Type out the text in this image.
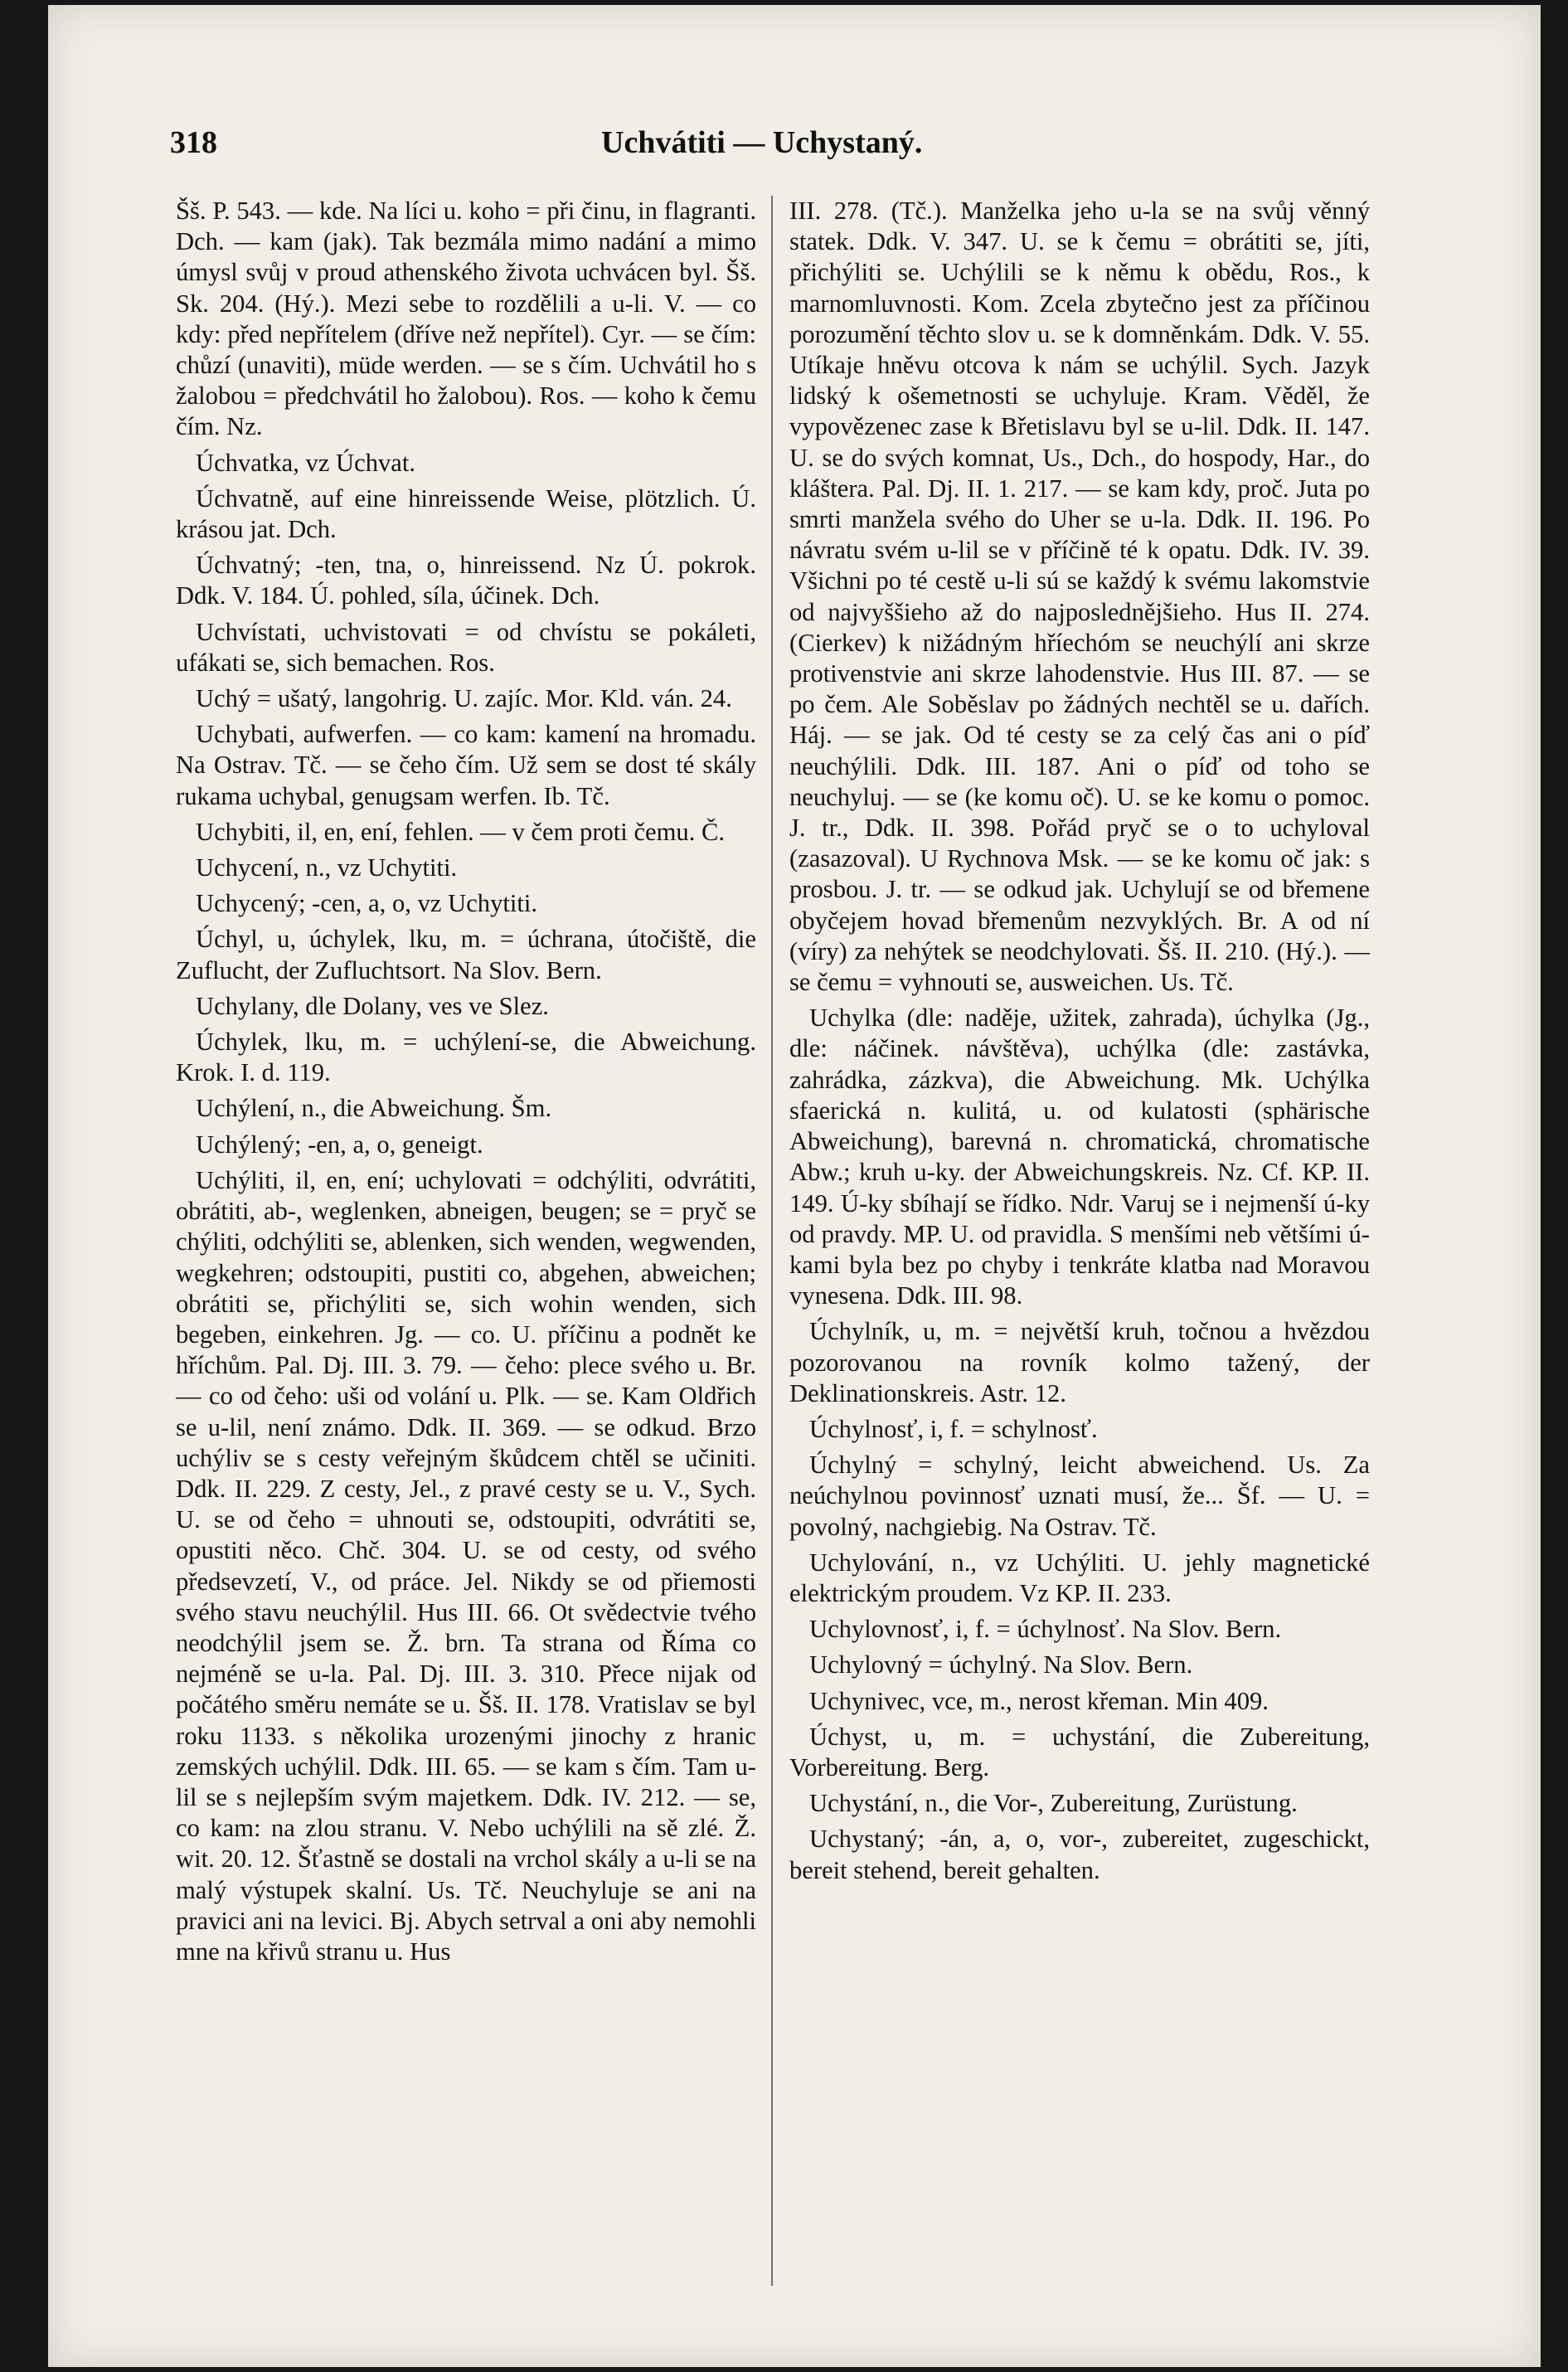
318	Uchvátiti — Uchystaný.

Šš. P. 543. — kde. Na líci u. koho = při činu, in flagranti. Dch. — kam (jak). Tak bezmála mimo nadání a mimo úmysl svůj v proud athenského života uchvácen byl. Šš. Sk. 204. (Hý.). Mezi sebe to rozdělili a u-li. V. — co kdy: před nepřítelem (dříve než nepřítel). Cyr. — se čím: chůzí (unaviti), müde werden. — se s čím. Uchvátil ho s žalobou = předchvátil ho žalobou). Ros. — koho k čemu čím. Nz.

Úchvatka, vz Úchvat.

Úchvatně, auf eine hinreissende Weise, plötzlich. Ú. krásou jat. Dch.

Úchvatný; -ten, tna, o, hinreissend. Nz Ú. pokrok. Ddk. V. 184. Ú. pohled, síla, účinek. Dch.

Uchvístati, uchvistovati = od chvístu se pokáleti, ufákati se, sich bemachen. Ros.

Uchý = ušatý, langohrig. U. zajíc. Mor. Kld. ván. 24.

Uchybati, aufwerfen. — co kam: kamení na hromadu. Na Ostrav. Tč. — se čeho čím. Už sem se dost té skály rukama uchybal, genugsam werfen. Ib. Tč.

Uchybiti, il, en, ení, fehlen. — v čem proti čemu. Č.

Uchycení, n., vz Uchytiti.

Uchycený; -cen, a, o, vz Uchytiti.

Úchyl, u, úchylek, lku, m. = úchrana, útočiště, die Zuflucht, der Zufluchtsort. Na Slov. Bern.

Uchylany, dle Dolany, ves ve Slez.

Úchylek, lku, m. = uchýlení-se, die Abweichung. Krok. I. d. 119.

Uchýlení, n., die Abweichung. Šm.

Uchýlený; -en, a, o, geneigt.

Uchýliti, il, en, ení; uchylovati = odchýliti, odvrátiti, obrátiti, ab-, weglenken, abneigen, beugen; se = pryč se chýliti, odchýliti se, ablenken, sich wenden, wegwenden, wegkehren; odstoupiti, pustiti co, abgehen, abweichen; obrátiti se, přichýliti se, sich wohin wenden, sich begeben, einkehren. Jg. — co. U. příčinu a podnět ke hříchům. Pal. Dj. III. 3. 79. — čeho: plece svého u. Br. — co od čeho: uši od volání u. Plk. — se. Kam Oldřich se u-lil, není známo. Ddk. II. 369. — se odkud. Brzo uchýliv se s cesty veřejným škůdcem chtěl se učiniti. Ddk. II. 229. Z cesty, Jel., z pravé cesty se u. V., Sych. U. se od čeho = uhnouti se, odstoupiti, odvrátiti se, opustiti něco. Chč. 304. U. se od cesty, od svého předsevzetí, V., od práce. Jel. Nikdy se od přiemosti svého stavu neuchýlil. Hus III. 66. Ot svědectvie tvého neodchýlil jsem se. Ž. brn. Ta strana od Říma co nejméně se u-la. Pal. Dj. III. 3. 310. Přece nijak od počátého směru nemáte se u. Šš. II. 178. Vratislav se byl roku 1133. s několika urozenými jinochy z hranic zemských uchýlil. Ddk. III. 65. — se kam s čím. Tam u-lil se s nejlepším svým majetkem. Ddk. IV. 212. — se, co kam: na zlou stranu. V. Nebo uchýlili na sě zlé. Ž. wit. 20. 12. Šťastně se dostali na vrchol skály a u-li se na malý výstupek skalní. Us. Tč. Neuchyluje se ani na pravici ani na levici. Bj. Abych setrval a oni aby nemohli mne na křivů stranu u. Hus

III. 278. (Tč.). Manželka jeho u-la se na svůj věnný statek. Ddk. V. 347. U. se k čemu = obrátiti se, jíti, přichýliti se. Uchýlili se k němu k obědu, Ros., k marnomluvnosti. Kom. Zcela zbytečno jest za příčinou porozumění těchto slov u. se k domněnkám. Ddk. V. 55. Utíkaje hněvu otcova k nám se uchýlil. Sych. Jazyk lidský k ošemetnosti se uchyluje. Kram. Věděl, že vypovězenec zase k Břetislavu byl se u-lil. Ddk. II. 147. U. se do svých komnat, Us., Dch., do hospody, Har., do kláštera. Pal. Dj. II. 1. 217. — se kam kdy, proč. Juta po smrti manžela svého do Uher se u-la. Ddk. II. 196. Po návratu svém u-lil se v příčině té k opatu. Ddk. IV. 39. Všichni po té cestě u-li sú se každý k svému lakomstvie od najvyššieho až do najposlednějšieho. Hus II. 274. (Cierkev) k nižádným hříechóm se neuchýlí ani skrze protivenstvie ani skrze lahodenstvie. Hus III. 87. — se po čem. Ale Soběslav po žádných nechtěl se u. dařích. Háj. — se jak. Od té cesty se za celý čas ani o píď neuchýlili. Ddk. III. 187. Ani o píď od toho se neuchyluj. — se (ke komu oč). U. se ke komu o pomoc. J. tr., Ddk. II. 398. Pořád pryč se o to uchyloval (zasazoval). U Rychnova Msk. — se ke komu oč jak: s prosbou. J. tr. — se odkud jak. Uchylují se od břemene obyčejem hovad břemenům nezvyklých. Br. A od ní (víry) za nehýtek se neodchylovati. Šš. II. 210. (Hý.). — se čemu = vyhnouti se, ausweichen. Us. Tč.

Uchylka (dle: naděje, užitek, zahrada), úchylka (Jg., dle: náčinek. návštěva), uchýlka (dle: zastávka, zahrádka, zázkva), die Abweichung. Mk. Uchýlka sfaerická n. kulitá, u. od kulatosti (sphärische Abweichung), barevná n. chromatická, chromatische Abw.; kruh u-ky. der Abweichungskreis. Nz. Cf. KP. II. 149. Ú-ky sbíhají se řídko. Ndr. Varuj se i nejmenší ú-ky od pravdy. MP. U. od pravidla. S menšími neb většími ú-kami byla bez po chyby i tenkráte klatba nad Moravou vynesena. Ddk. III. 98.

Úchylník, u, m. = největší kruh, točnou a hvězdou pozorovanou na rovník kolmo tažený, der Deklinationskreis. Astr. 12.

Úchylnosť, i, f. = schylnosť.

Úchylný = schylný, leicht abweichend. Us. Za neúchylnou povinnosť uznati musí, že... Šf. — U. = povolný, nachgiebig. Na Ostrav. Tč.

Uchylování, n., vz Uchýliti. U. jehly magnetické elektrickým proudem. Vz KP. II. 233.

Uchylovnosť, i, f. = úchylnosť. Na Slov. Bern.

Uchylovný = úchylný. Na Slov. Bern.

Uchynivec, vce, m., nerost křeman. Min 409.

Úchyst, u, m. = uchystání, die Zubereitung, Vorbereitung. Berg.

Uchystání, n., die Vor-, Zubereitung, Zurüstung.

Uchystaný; -án, a, o, vor-, zubereitet, zugeschickt, bereit stehend, bereit gehalten.
